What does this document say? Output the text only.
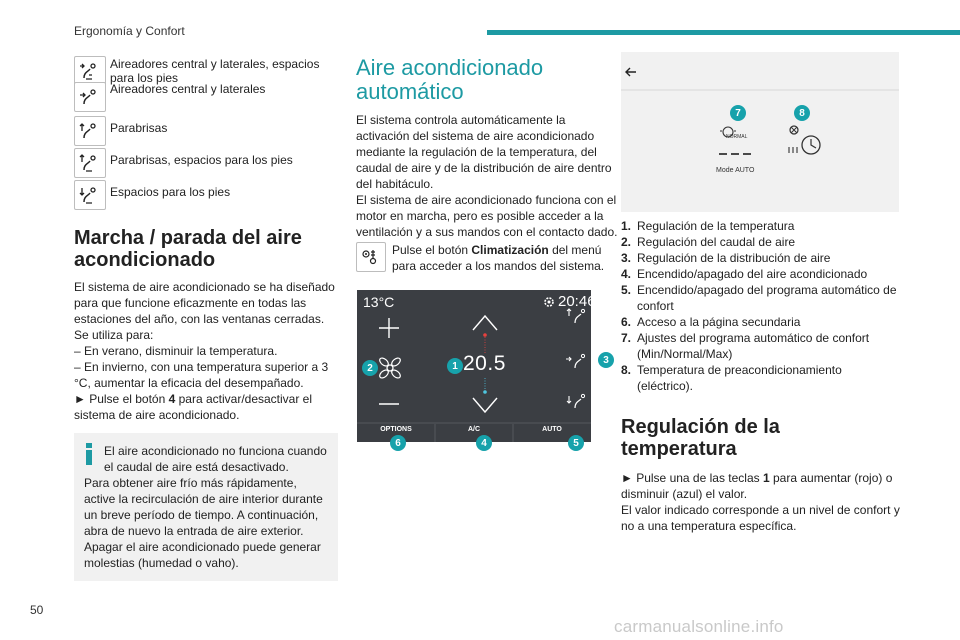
Ergonomía y Confort
Aireadores central y laterales, espacios para los pies
Aireadores central y laterales
Parabrisas
Parabrisas, espacios para los pies
Espacios para los pies
Marcha / parada del aire acondicionado
El sistema de aire acondicionado se ha diseñado para que funcione eficazmente en todas las estaciones del año, con las ventanas cerradas.
Se utiliza para:
– En verano, disminuir la temperatura.
– En invierno, con una temperatura superior a 3 °C, aumentar la eficacia del desempañado.
► Pulse el botón 4 para activar/desactivar el sistema de aire acondicionado.
El aire acondicionado no funciona cuando el caudal de aire está desactivado.
Para obtener aire frío más rápidamente, active la recirculación de aire interior durante un breve período de tiempo. A continuación, abra de nuevo la entrada de aire exterior.
Apagar el aire acondicionado puede generar molestias (humedad o vaho).
Aire acondicionado automático
El sistema controla automáticamente la activación del sistema de aire acondicionado mediante la regulación de la temperatura, del caudal de aire y de la distribución de aire dentro del habitáculo.
El sistema de aire acondicionado funciona con el motor en marcha, pero es posible acceder a la ventilación y a sus mandos con el contacto dado.
Pulse el botón Climatización del menú para acceder a los mandos del sistema.
13°C	20:46
20.5
OPTIONS	A/C	AUTO
1
2
3
4	5
6
NORMAL
Mode AUTO
7	8
1. Regulación de la temperatura
2. Regulación del caudal de aire
3. Regulación de la distribución de aire
4. Encendido/apagado del aire acondicionado
5. Encendido/apagado del programa automático de confort
6. Acceso a la página secundaria
7. Ajustes del programa automático de confort (Min/Normal/Max)
8. Temperatura de preacondicionamiento (eléctrico).
Regulación de la temperatura
► Pulse una de las teclas 1 para aumentar (rojo) o disminuir (azul) el valor.
El valor indicado corresponde a un nivel de confort y no a una temperatura específica.
50
carmanualsonline.info
